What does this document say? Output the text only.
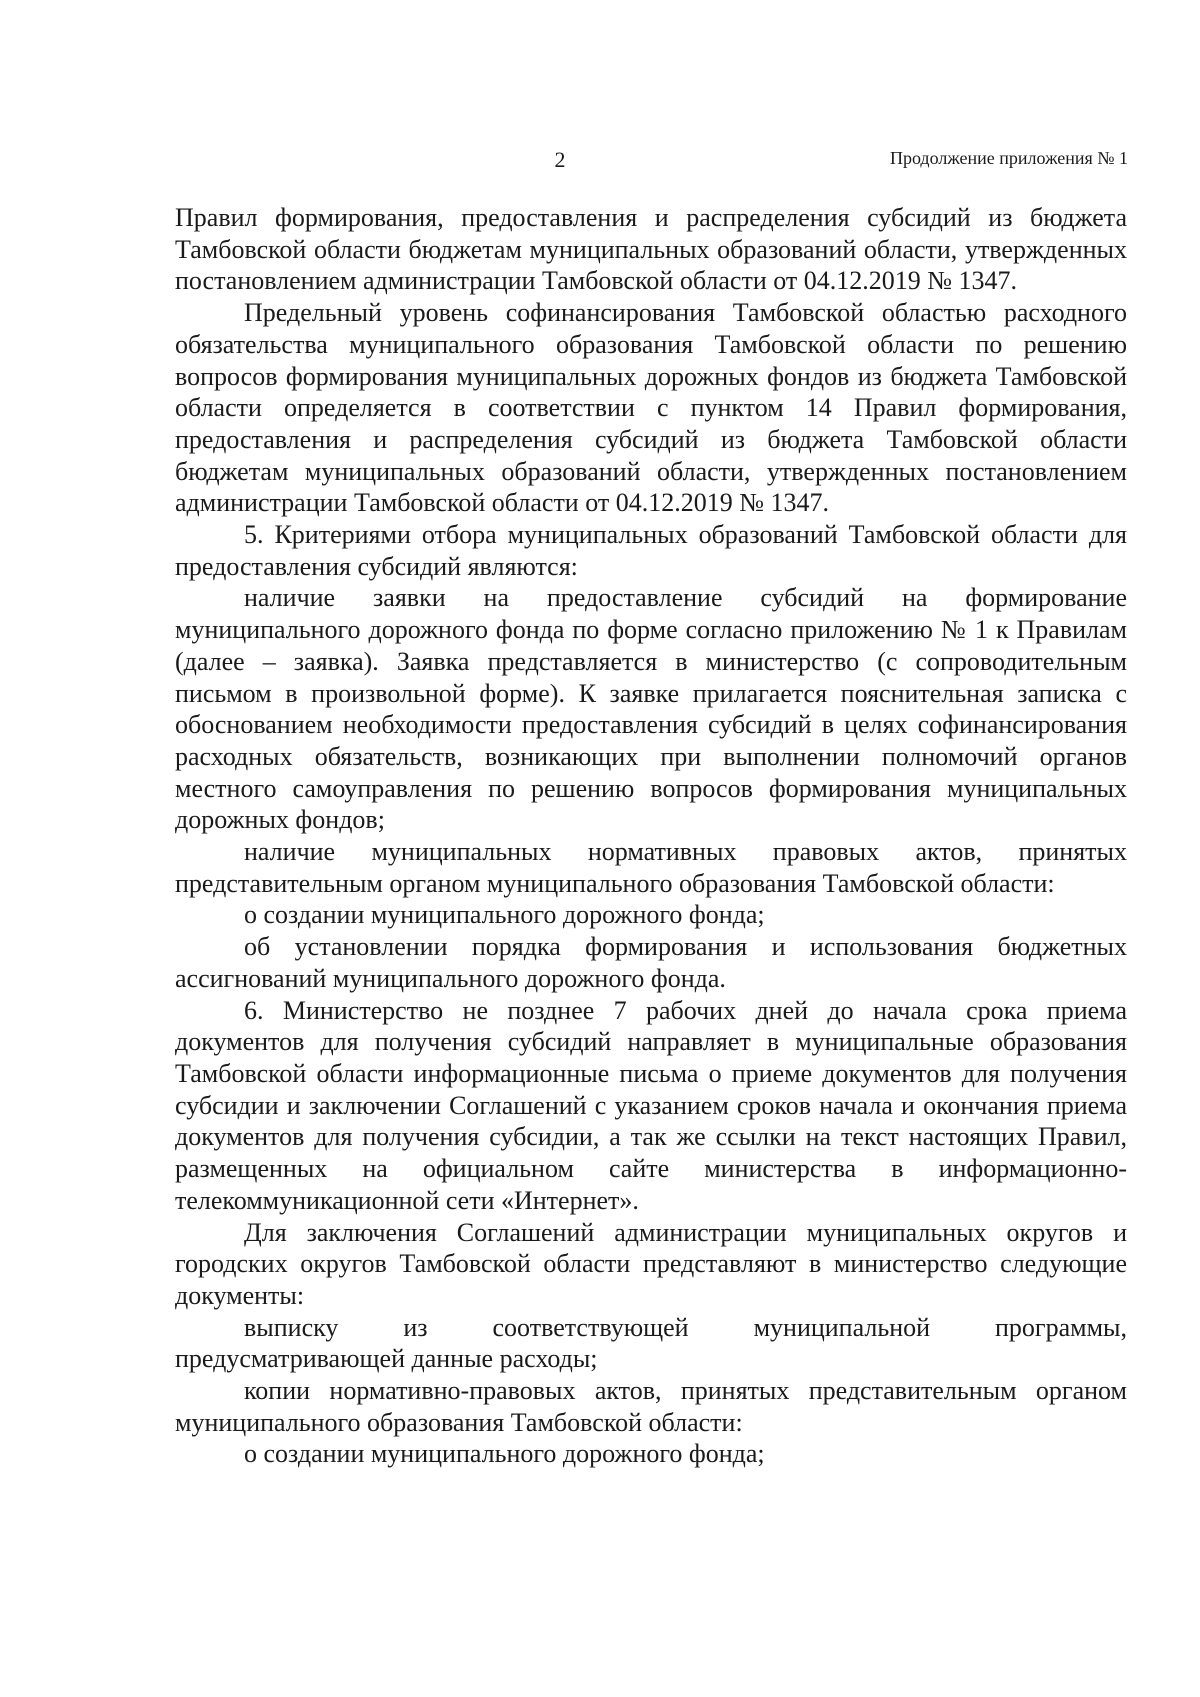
2	Продолжение приложения № 1

Правил формирования, предоставления и распределения субсидий из бюджета Тамбовской области бюджетам муниципальных образований области, утвержденных постановлением администрации Тамбовской области от 04.12.2019 № 1347.

Предельный уровень софинансирования Тамбовской областью расходного обязательства муниципального образования Тамбовской области по решению вопросов формирования муниципальных дорожных фондов из бюджета Тамбовской области определяется в соответствии с пунктом 14 Правил формирования, предоставления и распределения субсидий из бюджета Тамбовской области бюджетам муниципальных образований области, утвержденных постановлением администрации Тамбовской области от 04.12.2019 № 1347.

5. Критериями отбора муниципальных образований Тамбовской области для предоставления субсидий являются:

наличие заявки на предоставление субсидий на формирование муниципального дорожного фонда по форме согласно приложению № 1 к Правилам (далее – заявка). Заявка представляется в министерство (с сопроводительным письмом в произвольной форме). К заявке прилагается пояснительная записка с обоснованием необходимости предоставления субсидий в целях софинансирования расходных обязательств, возникающих при выполнении полномочий органов местного самоуправления по решению вопросов формирования муниципальных дорожных фондов;

наличие муниципальных нормативных правовых актов, принятых представительным органом муниципального образования Тамбовской области:

о создании муниципального дорожного фонда;

об установлении порядка формирования и использования бюджетных ассигнований муниципального дорожного фонда.

6. Министерство не позднее 7 рабочих дней до начала срока приема документов для получения субсидий направляет в муниципальные образования Тамбовской области информационные письма о приеме документов для получения субсидии и заключении Соглашений с указанием сроков начала и окончания приема документов для получения субсидии, а так же ссылки на текст настоящих Правил, размещенных на официальном сайте министерства в информационно-телекоммуникационной сети «Интернет».

Для заключения Соглашений администрации муниципальных округов и городских округов Тамбовской области представляют в министерство следующие документы:

выписку из соответствующей муниципальной программы, предусматривающей данные расходы;

копии нормативно-правовых актов, принятых представительным органом муниципального образования Тамбовской области:

о создании муниципального дорожного фонда;
